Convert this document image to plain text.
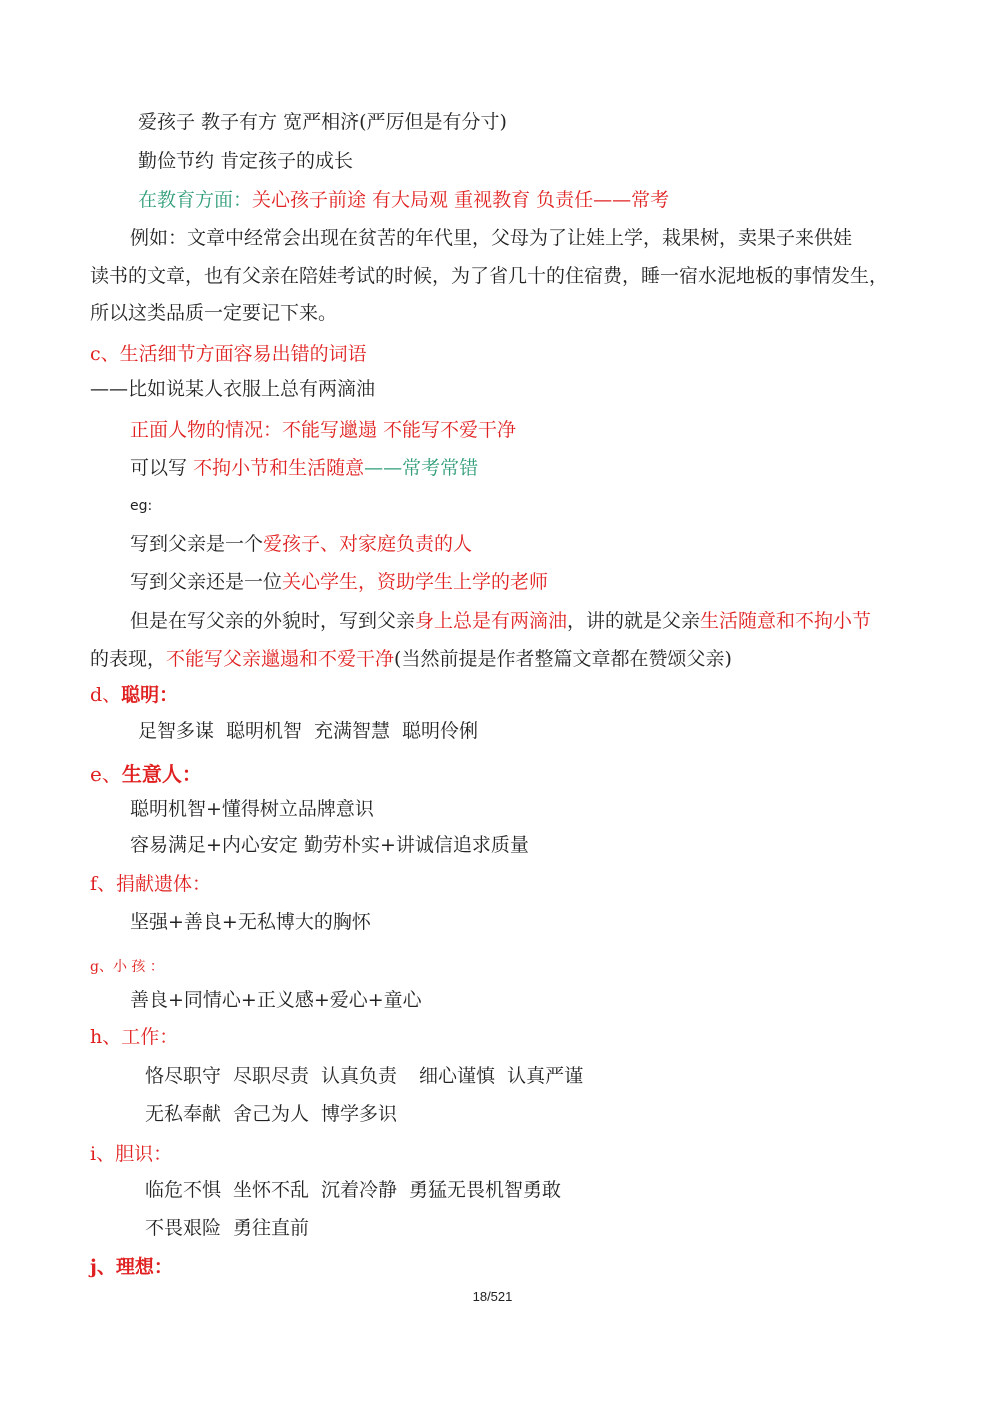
爱孩子 教子有方 宽严相济(严厉但是有分寸)
勤俭节约 肯定孩子的成长
在教育方面：关心孩子前途 有大局观 重视教育 负责任——常考
例如：文章中经常会出现在贫苦的年代里，父母为了让娃上学，栽果树，卖果子来供娃
读书的文章，也有父亲在陪娃考试的时候，为了省几十的住宿费，睡一宿水泥地板的事情发生，
所以这类品质一定要记下来。
c、生活细节方面容易出错的词语
——比如说某人衣服上总有两滴油
正面人物的情况：不能写邋遢 不能写不爱干净
可以写 不拘小节和生活随意——常考常错
eg:
写到父亲是一个爱孩子、对家庭负责的人
写到父亲还是一位关心学生，资助学生上学的老师
但是在写父亲的外貌时，写到父亲身上总是有两滴油，讲的就是父亲生活随意和不拘小节
的表现，不能写父亲邋遢和不爱干净(当然前提是作者整篇文章都在赞颂父亲)
d、聪明：
足智多谋 聪明机智 充满智慧 聪明伶俐
e、生意人：
聪明机智+懂得树立品牌意识
容易满足+内心安定 勤劳朴实+讲诚信追求质量
f、捐献遗体：
坚强+善良+无私博大的胸怀
g、小 孩 ：
善良+同情心+正义感+爱心+童心
h、工作：
恪尽职守 尽职尽责 认真负责 细心谨慎 认真严谨
无私奉献 舍己为人 博学多识
i、胆识：
临危不惧 坐怀不乱 沉着冷静 勇猛无畏机智勇敢
不畏艰险 勇往直前
j、理想：
18/521
